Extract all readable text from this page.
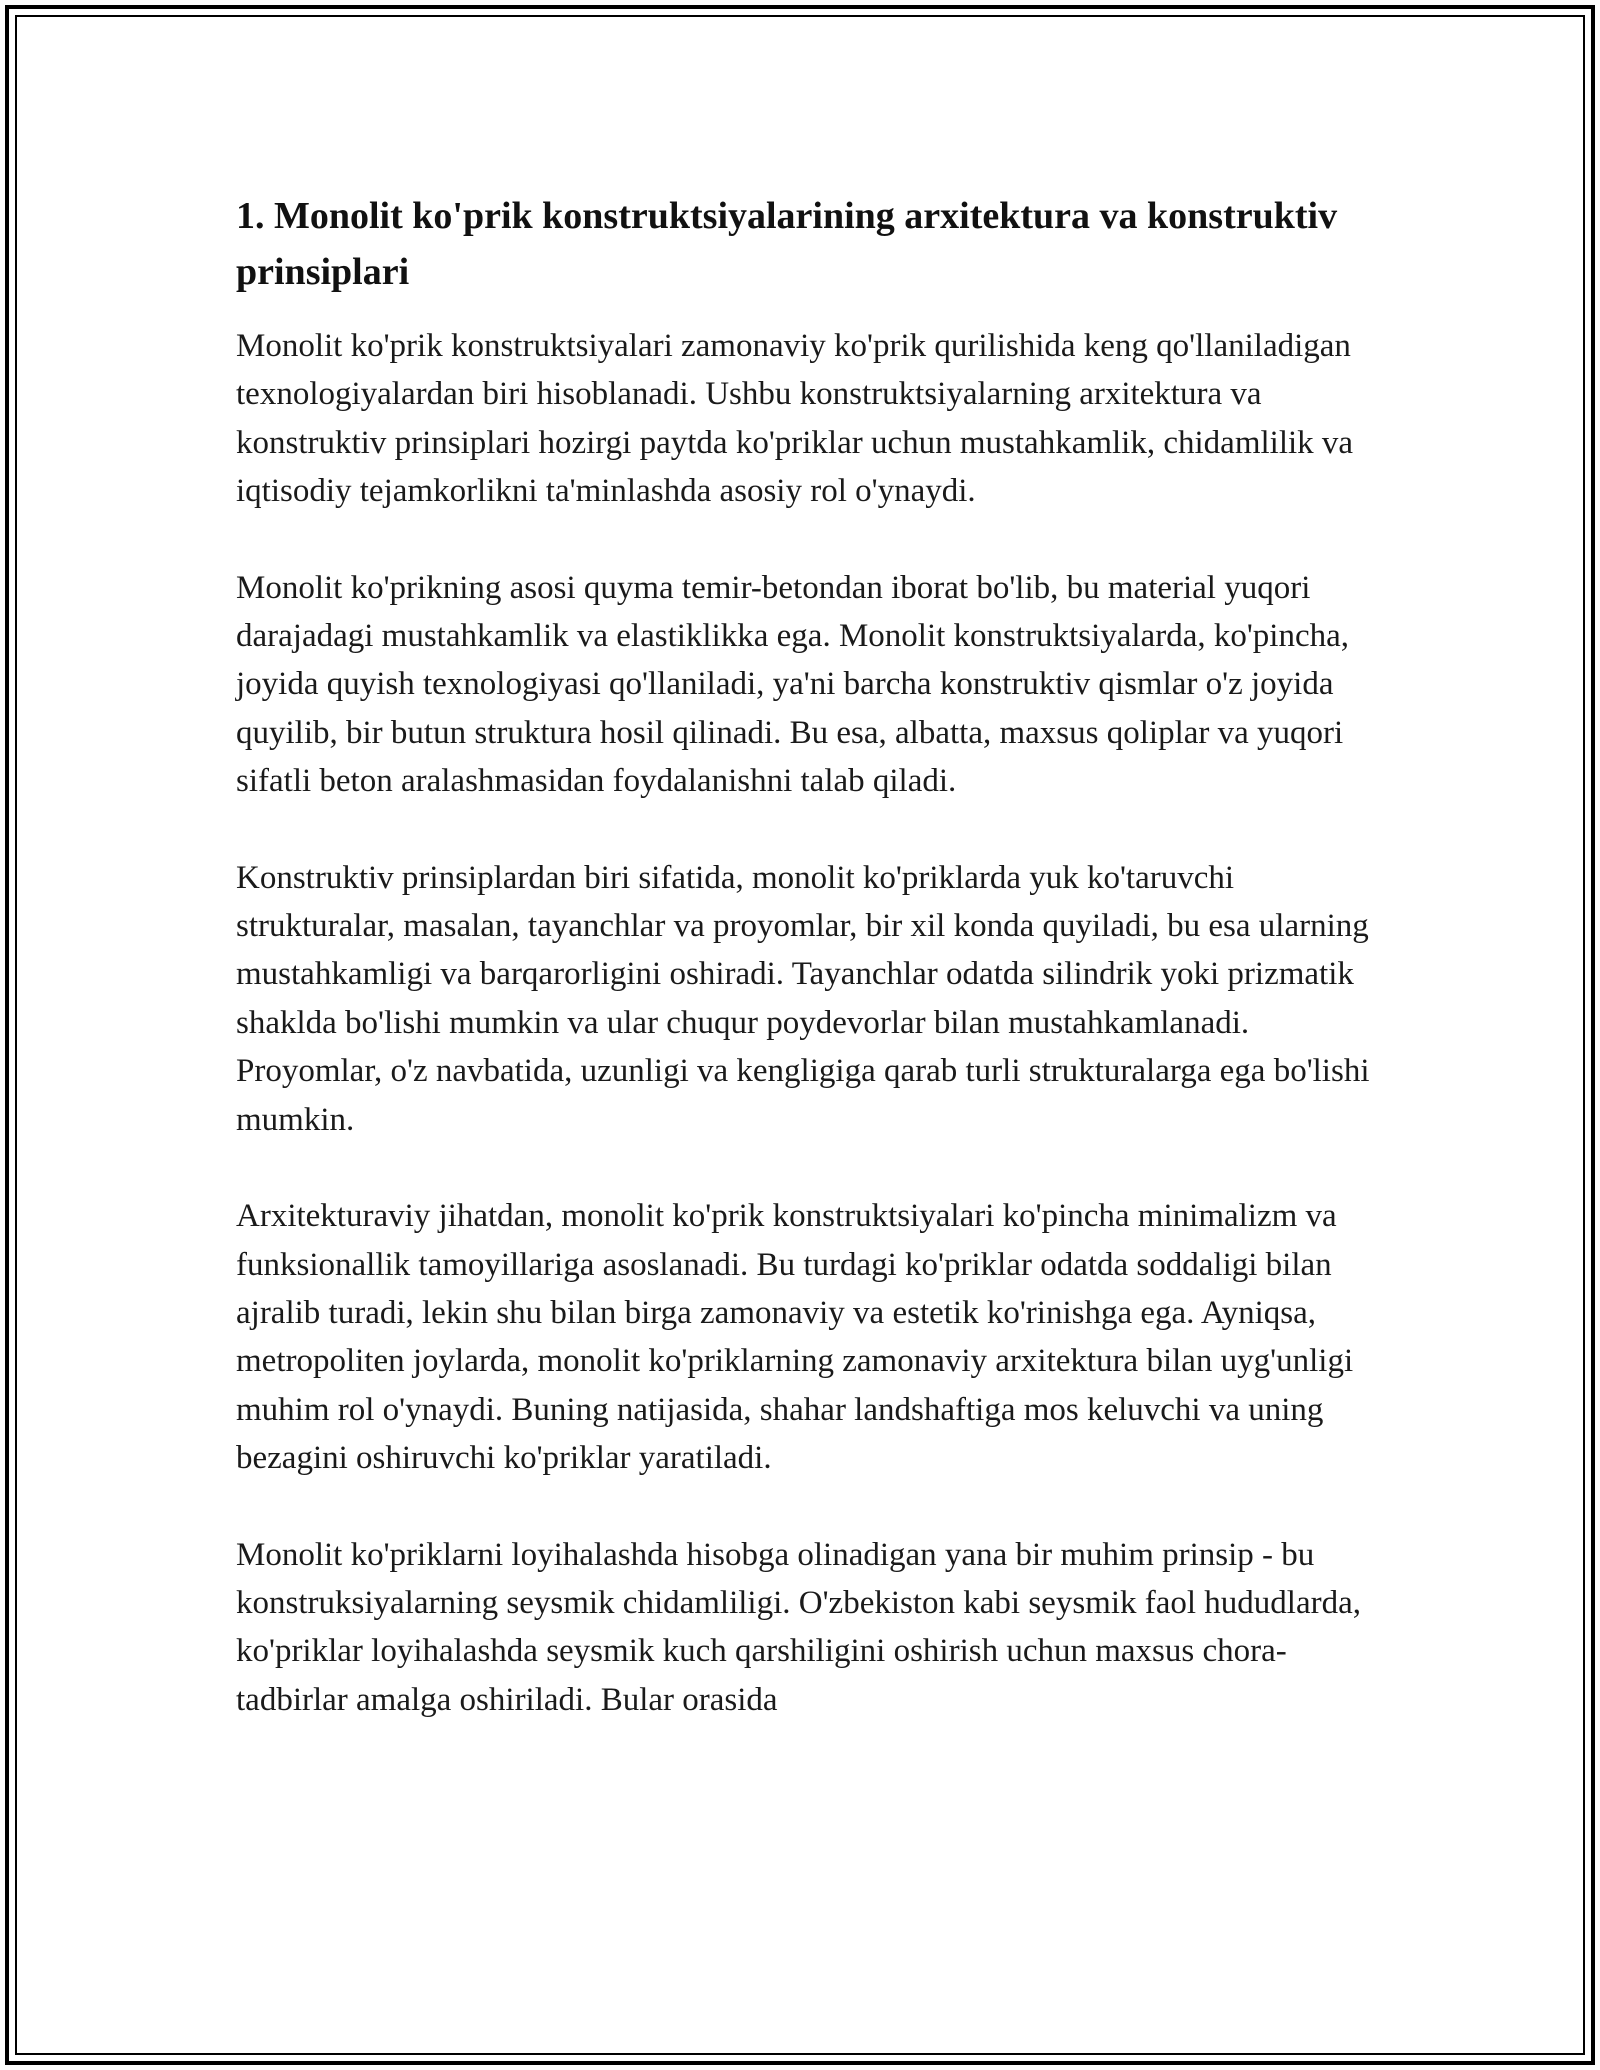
1. Monolit ko'prik konstruktsiyalarining arxitektura va konstruktiv prinsiplari

Monolit ko'prik konstruktsiyalari zamonaviy ko'prik qurilishida keng qo'llaniladigan texnologiyalardan biri hisoblanadi. Ushbu konstruktsiyalarning arxitektura va konstruktiv prinsiplari hozirgi paytda ko'priklar uchun mustahkamlik, chidamlilik va iqtisodiy tejamkorlikni ta'minlashda asosiy rol o'ynaydi.

Monolit ko'prikning asosi quyma temir-betondan iborat bo'lib, bu material yuqori darajadagi mustahkamlik va elastiklikka ega. Monolit konstruktsiyalarda, ko'pincha, joyida quyish texnologiyasi qo'llaniladi, ya'ni barcha konstruktiv qismlar o'z joyida quyilib, bir butun struktura hosil qilinadi. Bu esa, albatta, maxsus qoliplar va yuqori sifatli beton aralashmasidan foydalanishni talab qiladi.

Konstruktiv prinsiplardan biri sifatida, monolit ko'priklarda yuk ko'taruvchi strukturalar, masalan, tayanchlar va proyomlar, bir xil konda quyiladi, bu esa ularning mustahkamligi va barqarorligini oshiradi. Tayanchlar odatda silindrik yoki prizmatik shaklda bo'lishi mumkin va ular chuqur poydevorlar bilan mustahkamlanadi. Proyomlar, o'z navbatida, uzunligi va kengligiga qarab turli strukturalarga ega bo'lishi mumkin.

Arxitekturaviy jihatdan, monolit ko'prik konstruktsiyalari ko'pincha minimalizm va funksionallik tamoyillariga asoslanadi. Bu turdagi ko'priklar odatda soddaligi bilan ajralib turadi, lekin shu bilan birga zamonaviy va estetik ko'rinishga ega. Ayniqsa, metropoliten joylarda, monolit ko'priklarning zamonaviy arxitektura bilan uyg'unligi muhim rol o'ynaydi. Buning natijasida, shahar landshaftiga mos keluvchi va uning bezagini oshiruvchi ko'priklar yaratiladi.

Monolit ko'priklarni loyihalashda hisobga olinadigan yana bir muhim prinsip - bu konstruksiyalarning seysmik chidamliligi. O'zbekiston kabi seysmik faol hududlarda, ko'priklar loyihalashda seysmik kuch qarshiligini oshirish uchun maxsus chora-tadbirlar amalga oshiriladi. Bular orasida
